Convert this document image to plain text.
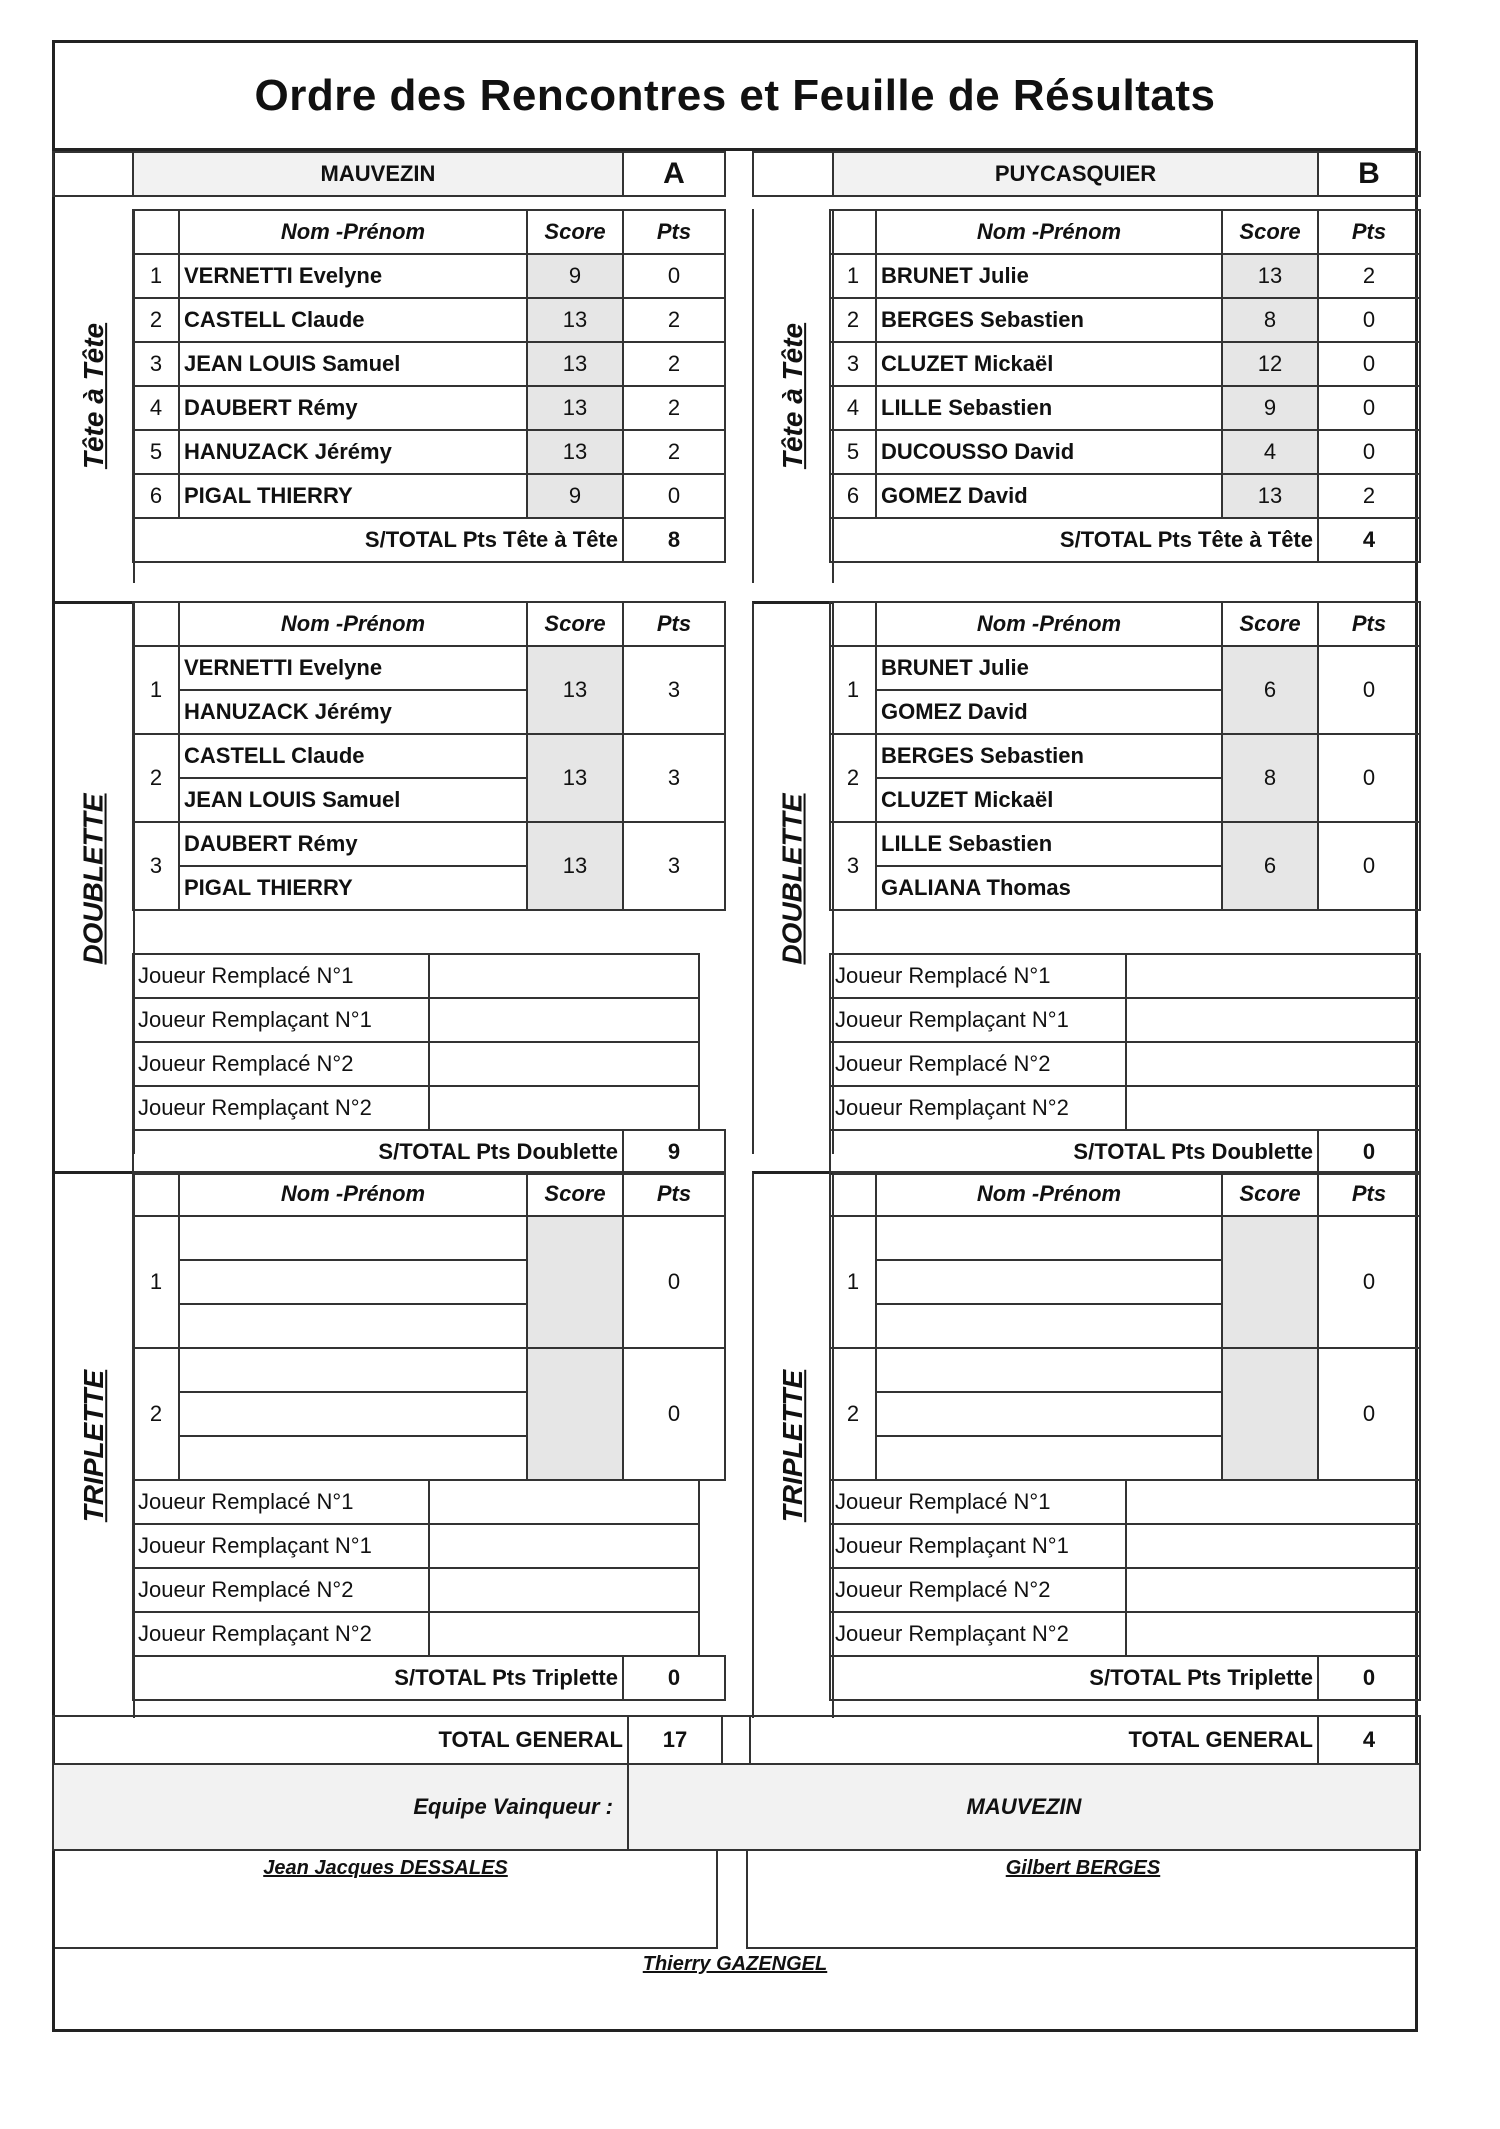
Ordre des Rencontres et Feuille de Résultats
	MAUVEZIN	A
Tête à Tête
	Nom -Prénom	Score	Pts
1	VERNETTI Evelyne	9	0
2	CASTELL Claude	13	2
3	JEAN LOUIS Samuel	13	2
4	DAUBERT Rémy	13	2
5	HANUZACK Jérémy	13	2
6	PIGAL THIERRY	9	0
S/TOTAL Pts Tête à Tête			8
DOUBLETTE
	Nom -Prénom	Score	Pts
1	VERNETTI Evelyne	13	3
	HANUZACK Jérémy		
2	CASTELL Claude	13	3
	JEAN LOUIS Samuel		
3	DAUBERT Rémy	13	3
	PIGAL THIERRY		
Joueur Remplacé N°1	
Joueur Remplaçant N°1	
Joueur Remplacé N°2	
Joueur Remplaçant N°2	
S/TOTAL Pts Doublette	9
TRIPLETTE
	Nom -Prénom	Score	Pts
1			0

2			0

Joueur Remplacé N°1	
Joueur Remplaçant N°1	
Joueur Remplacé N°2	
Joueur Remplaçant N°2	
S/TOTAL Pts Triplette	0
	PUYCASQUIER	B
Tête à Tête
	Nom -Prénom	Score	Pts
1	BRUNET Julie	13	2
2	BERGES Sebastien	8	0
3	CLUZET Mickaël	12	0
4	LILLE Sebastien	9	0
5	DUCOUSSO David	4	0
6	GOMEZ David	13	2
S/TOTAL Pts Tête à Tête			4
DOUBLETTE
	Nom -Prénom	Score	Pts
1	BRUNET Julie	6	0
	GOMEZ David		
2	BERGES Sebastien	8	0
	CLUZET Mickaël		
3	LILLE Sebastien	6	0
	GALIANA Thomas		
Joueur Remplacé N°1	
Joueur Remplaçant N°1	
Joueur Remplacé N°2	
Joueur Remplaçant N°2	
S/TOTAL Pts Doublette	0
TRIPLETTE
	Nom -Prénom	Score	Pts
1			0

2			0

Joueur Remplacé N°1	
Joueur Remplaçant N°1	
Joueur Remplacé N°2	
Joueur Remplaçant N°2	
S/TOTAL Pts Triplette	0
TOTAL GENERAL	17		TOTAL GENERAL	4
Equipe Vainqueur :	MAUVEZIN
Jean Jacques DESSALES	Gilbert BERGES
Thierry GAZENGEL
